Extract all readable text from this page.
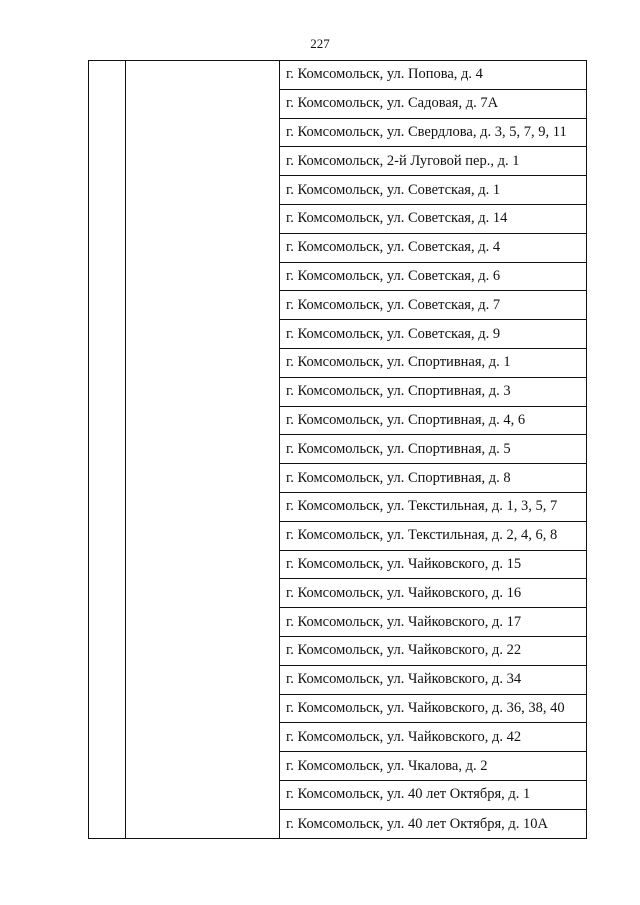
227
г. Комсомольск, ул. Попова, д. 4
г. Комсомольск, ул. Садовая, д. 7А
г. Комсомольск, ул. Свердлова, д. 3, 5, 7, 9, 11
г. Комсомольск, 2-й Луговой пер., д. 1
г. Комсомольск, ул. Советская, д. 1
г. Комсомольск, ул. Советская, д. 14
г. Комсомольск, ул. Советская, д. 4
г. Комсомольск, ул. Советская, д. 6
г. Комсомольск, ул. Советская, д. 7
г. Комсомольск, ул. Советская, д. 9
г. Комсомольск, ул. Спортивная, д. 1
г. Комсомольск, ул. Спортивная, д. 3
г. Комсомольск, ул. Спортивная, д. 4, 6
г. Комсомольск, ул. Спортивная, д. 5
г. Комсомольск, ул. Спортивная, д. 8
г. Комсомольск, ул. Текстильная, д. 1, 3, 5, 7
г. Комсомольск, ул. Текстильная, д. 2, 4, 6, 8
г. Комсомольск, ул. Чайковского, д. 15
г. Комсомольск, ул. Чайковского, д. 16
г. Комсомольск, ул. Чайковского, д. 17
г. Комсомольск, ул. Чайковского, д. 22
г. Комсомольск, ул. Чайковского, д. 34
г. Комсомольск, ул. Чайковского, д. 36, 38, 40
г. Комсомольск, ул. Чайковского, д. 42
г. Комсомольск, ул. Чкалова, д. 2
г. Комсомольск, ул. 40 лет Октября, д. 1
г. Комсомольск, ул. 40 лет Октября, д. 10А
